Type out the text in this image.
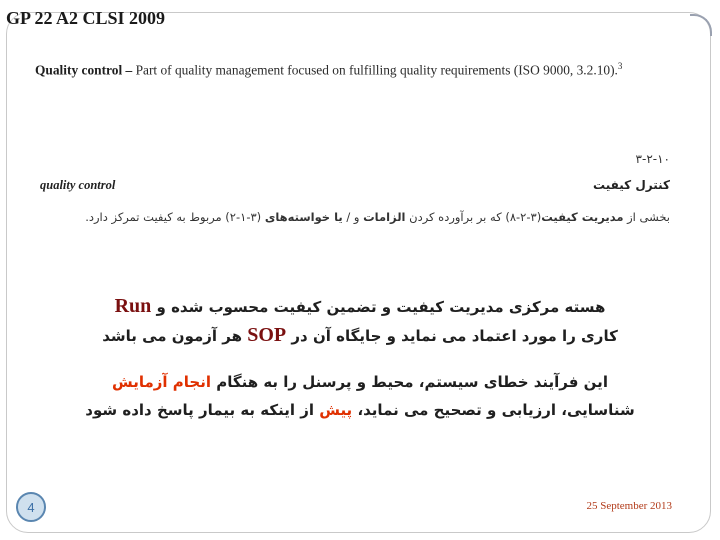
GP 22 A2 CLSI 2009
Quality control – Part of quality management focused on fulfilling quality requirements (ISO 9000, 3.2.10).$^3$
۳-۲-۱۰
quality control	کنترل کیفیت
بخشی از مدیریت کیفیت(۳-۲-۸) که بر برآورده کردن الزامات و / یا خواسته‌های (۳-۱-۲) مربوط به کیفیت تمرکز دارد.
هسته مرکزی مدیریت کیفیت و تضمین کیفیت محسوب شده و Run
کاری را مورد اعتماد می نماید و جایگاه آن در SOP هر آزمون می باشد
این فرآیند خطای سیستم، محیط و پرسنل را به هنگام انجام آزمایش
شناسایی، ارزیابی و تصحیح می نماید، پیش از اینکه به بیمار پاسخ داده شود
4	25 September 2013
